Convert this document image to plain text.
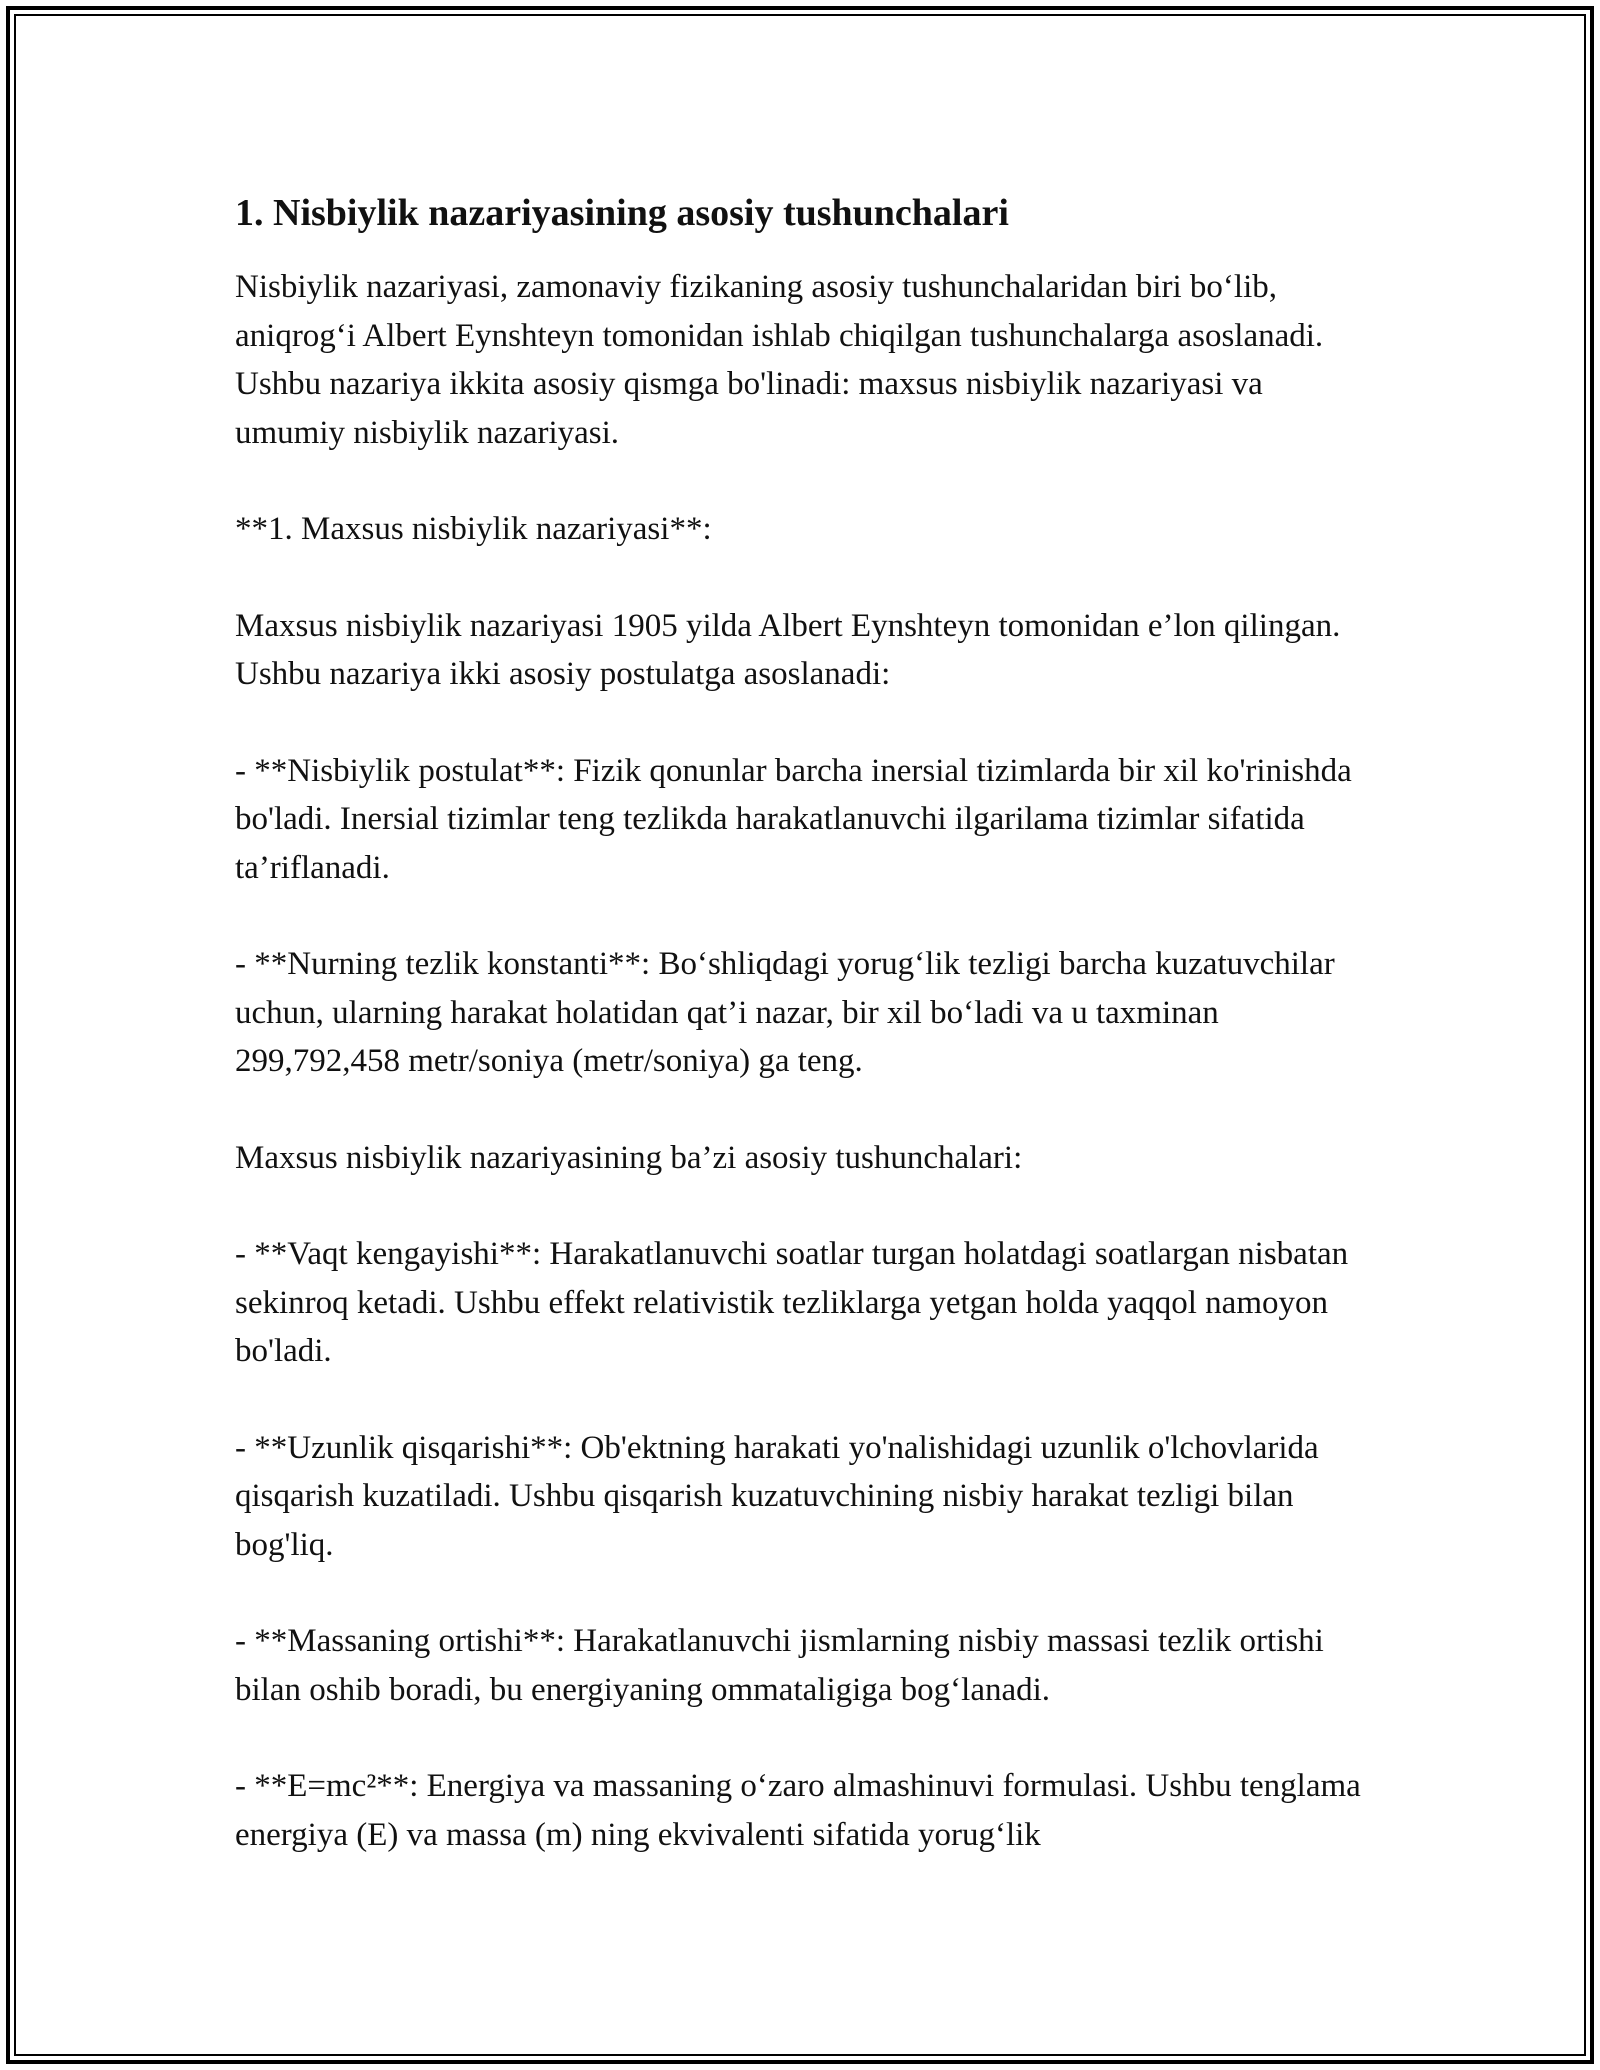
1. Nisbiylik nazariyasining asosiy tushunchalari

Nisbiylik nazariyasi, zamonaviy fizikaning asosiy tushunchalaridan biri bo‘lib, aniqrog‘i Albert Eynshteyn tomonidan ishlab chiqilgan tushunchalarga asoslanadi. Ushbu nazariya ikkita asosiy qismga bo'linadi: maxsus nisbiylik nazariyasi va umumiy nisbiylik nazariyasi.

**1. Maxsus nisbiylik nazariyasi**:

Maxsus nisbiylik nazariyasi 1905 yilda Albert Eynshteyn tomonidan e’lon qilingan. Ushbu nazariya ikki asosiy postulatga asoslanadi:

- **Nisbiylik postulat**: Fizik qonunlar barcha inersial tizimlarda bir xil ko'rinishda bo'ladi. Inersial tizimlar teng tezlikda harakatlanuvchi ilgarilama tizimlar sifatida ta’riflanadi.

- **Nurning tezlik konstanti**: Bo‘shliqdagi yorug‘lik tezligi barcha kuzatuvchilar uchun, ularning harakat holatidan qat’i nazar, bir xil bo‘ladi va u taxminan 299,792,458 metr/soniya (metr/soniya) ga teng.

Maxsus nisbiylik nazariyasining ba’zi asosiy tushunchalari:

- **Vaqt kengayishi**: Harakatlanuvchi soatlar turgan holatdagi soatlargan nisbatan sekinroq ketadi. Ushbu effekt relativistik tezliklarga yetgan holda yaqqol namoyon bo'ladi.

- **Uzunlik qisqarishi**: Ob'ektning harakati yo'nalishidagi uzunlik o'lchovlarida qisqarish kuzatiladi. Ushbu qisqarish kuzatuvchining nisbiy harakat tezligi bilan bog'liq.

- **Massaning ortishi**: Harakatlanuvchi jismlarning nisbiy massasi tezlik ortishi bilan oshib boradi, bu energiyaning ommataligiga bog‘lanadi.

- **E=mc²**: Energiya va massaning o‘zaro almashinuvi formulasi. Ushbu tenglama energiya (E) va massa (m) ning ekvivalenti sifatida yorug‘lik
